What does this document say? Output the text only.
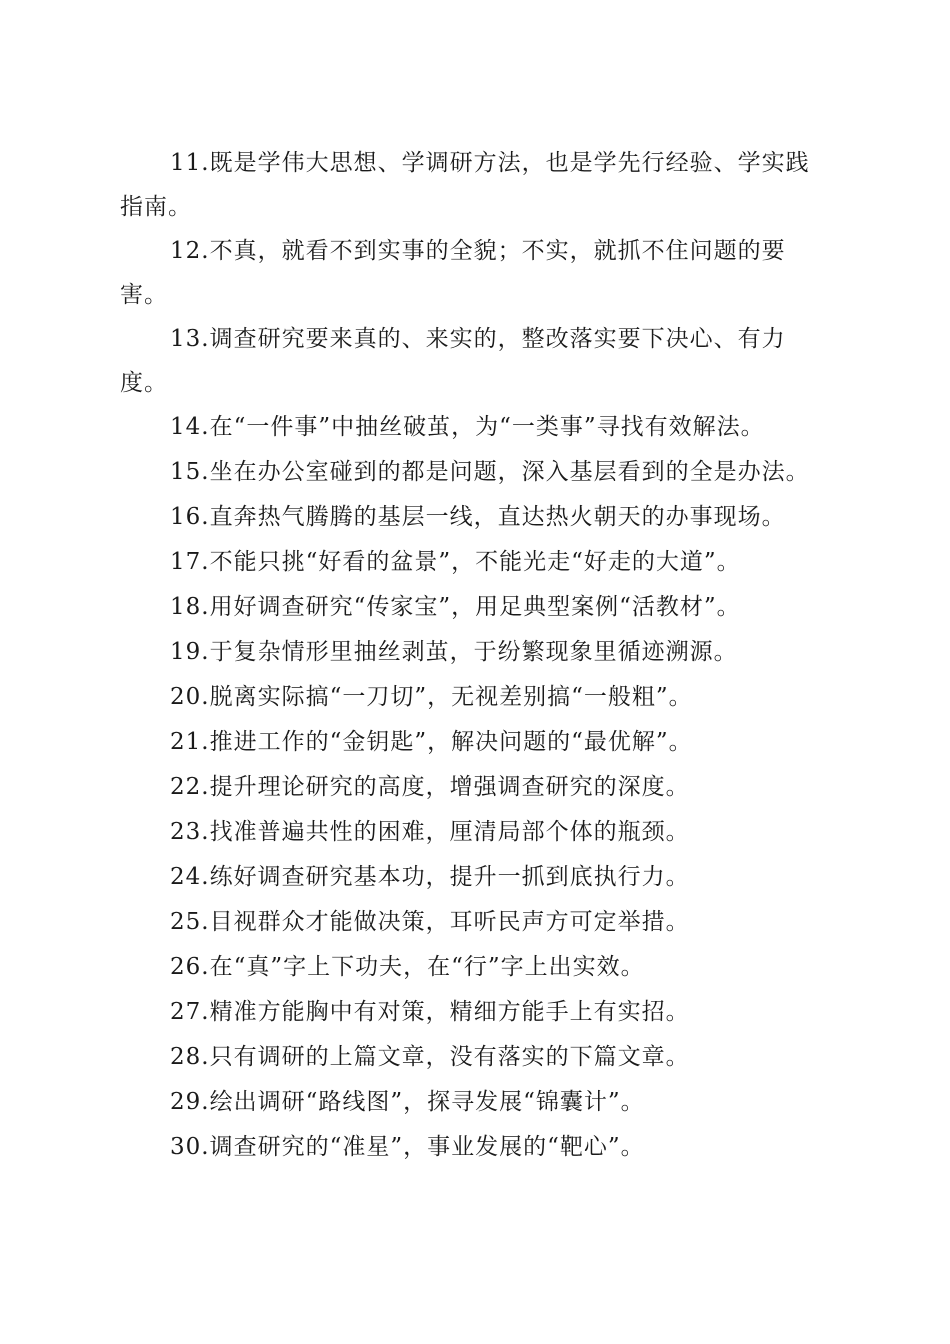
11.既是学伟大思想、学调研方法，也是学先行经验、学实践指南。

12.不真，就看不到实事的全貌；不实，就抓不住问题的要害。

13.调查研究要来真的、来实的，整改落实要下决心、有力度。

14.在“一件事”中抽丝破茧，为“一类事”寻找有效解法。

15.坐在办公室碰到的都是问题，深入基层看到的全是办法。

16.直奔热气腾腾的基层一线，直达热火朝天的办事现场。

17.不能只挑“好看的盆景”，不能光走“好走的大道”。

18.用好调查研究“传家宝”，用足典型案例“活教材”。

19.于复杂情形里抽丝剥茧，于纷繁现象里循迹溯源。

20.脱离实际搞“一刀切”，无视差别搞“一般粗”。

21.推进工作的“金钥匙”，解决问题的“最优解”。

22.提升理论研究的高度，增强调查研究的深度。

23.找准普遍共性的困难，厘清局部个体的瓶颈。

24.练好调查研究基本功，提升一抓到底执行力。

25.目视群众才能做决策，耳听民声方可定举措。

26.在“真”字上下功夫，在“行”字上出实效。

27.精准方能胸中有对策，精细方能手上有实招。

28.只有调研的上篇文章，没有落实的下篇文章。

29.绘出调研“路线图”，探寻发展“锦囊计”。

30.调查研究的“准星”，事业发展的“靶心”。
